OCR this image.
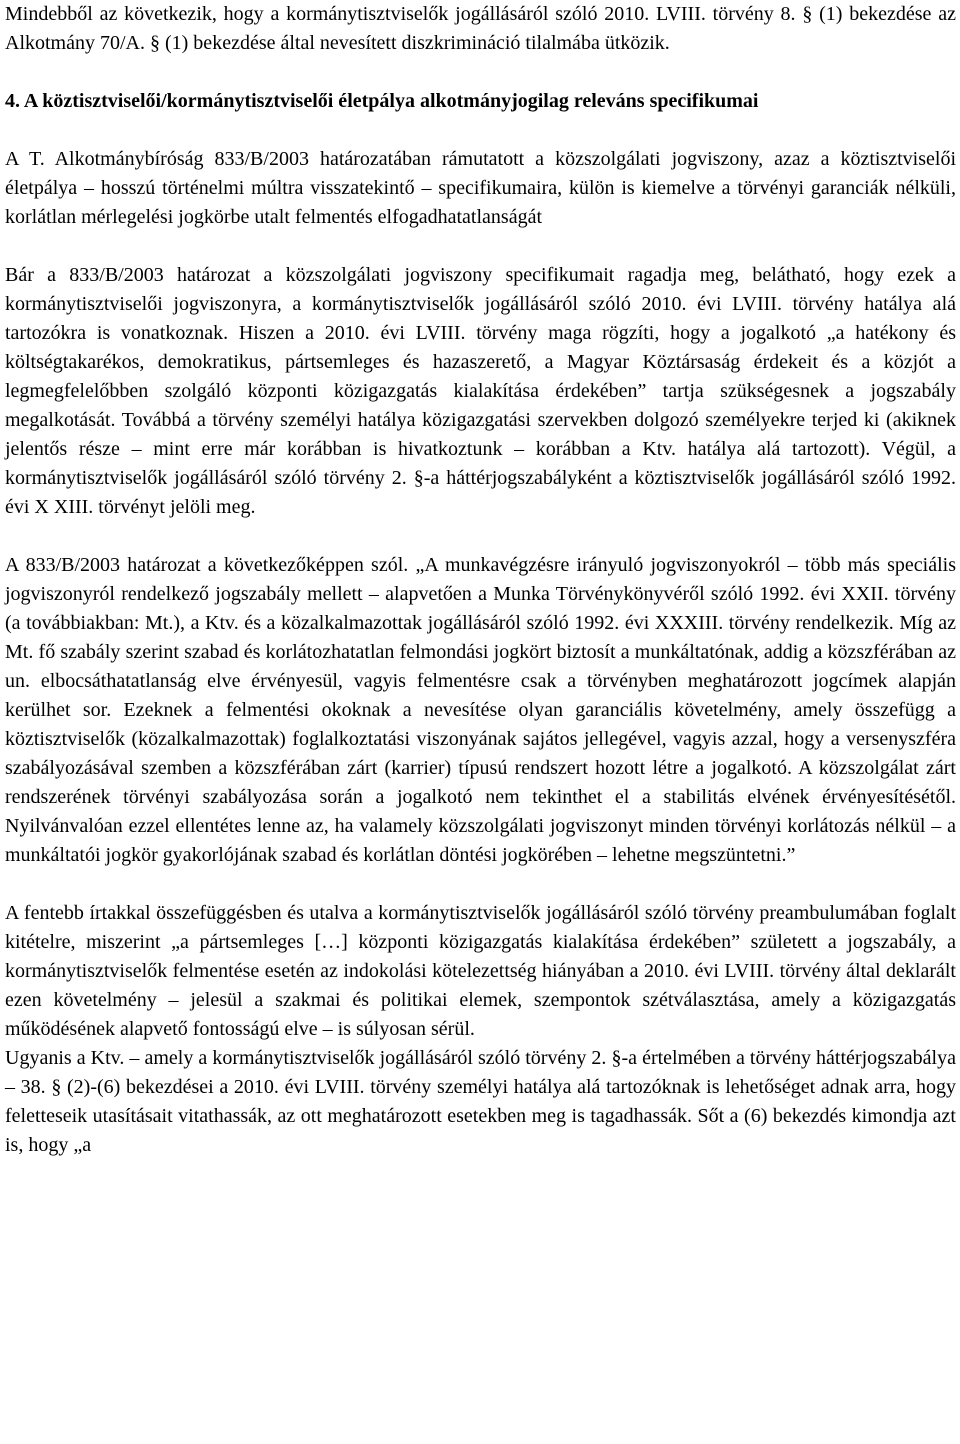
Mindebből az következik, hogy a kormánytisztviselők jogállásáról szóló 2010. LVIII. törvény 8. § (1) bekezdése az Alkotmány 70/A. § (1) bekezdése által nevesített diszkrimináció tilalmába ütközik.

4. A köztisztviselői/kormánytisztviselői életpálya alkotmányjogilag releváns specifikumai

A T. Alkotmánybíróság 833/B/2003 határozatában rámutatott a közszolgálati jogviszony, azaz a köztisztviselői életpálya – hosszú történelmi múltra visszatekintő – specifikumaira, külön is kiemelve a törvényi garanciák nélküli, korlátlan mérlegelési jogkörbe utalt felmentés elfogadhatatlanságát

Bár a 833/B/2003 határozat a közszolgálati jogviszony specifikumait ragadja meg, belátható, hogy ezek a kormánytisztviselői jogviszonyra, a kormánytisztviselők jogállásáról szóló 2010. évi LVIII. törvény hatálya alá tartozókra is vonatkoznak. Hiszen a 2010. évi LVIII. törvény maga rögzíti, hogy a jogalkotó „a hatékony és költségtakarékos, demokratikus, pártsemleges és hazaszerető, a Magyar Köztársaság érdekeit és a közjót a legmegfelelőbben szolgáló központi közigazgatás kialakítása érdekében” tartja szükségesnek a jogszabály megalkotását. Továbbá a törvény személyi hatálya közigazgatási szervekben dolgozó személyekre terjed ki (akiknek jelentős része – mint erre már korábban is hivatkoztunk – korábban a Ktv. hatálya alá tartozott). Végül, a kormánytisztviselők jogállásáról szóló törvény 2. §-a háttérjogszabályként a köztisztviselők jogállásáról szóló 1992. évi X XIII. törvényt jelöli meg.

A 833/B/2003 határozat a következőképpen szól. „A munkavégzésre irányuló jogviszonyokról – több más speciális jogviszonyról rendelkező jogszabály mellett – alapvetően a Munka Törvénykönyvéről szóló 1992. évi XXII. törvény (a továbbiakban: Mt.), a Ktv. és a közalkalmazottak jogállásáról szóló 1992. évi XXXIII. törvény rendelkezik. Míg az Mt. fő szabály szerint szabad és korlátozhatatlan felmondási jogkört biztosít a munkáltatónak, addig a közszférában az un. elbocsáthatatlanság elve érvényesül, vagyis felmentésre csak a törvényben meghatározott jogcímek alapján kerülhet sor. Ezeknek a felmentési okoknak a nevesítése olyan garanciális követelmény, amely összefügg a köztisztviselők (közalkalmazottak) foglalkoztatási viszonyának sajátos jellegével, vagyis azzal, hogy a versenyszféra szabályozásával szemben a közszférában zárt (karrier) típusú rendszert hozott létre a jogalkotó. A közszolgálat zárt rendszerének törvényi szabályozása során a jogalkotó nem tekinthet el a stabilitás elvének érvényesítésétől. Nyilvánvalóan ezzel ellentétes lenne az, ha valamely közszolgálati jogviszonyt minden törvényi korlátozás nélkül – a munkáltatói jogkör gyakorlójának szabad és korlátlan döntési jogkörében – lehetne megszüntetni.”

A fentebb írtakkal összefüggésben és utalva a kormánytisztviselők jogállásáról szóló törvény preambulumában foglalt kitételre, miszerint „a pártsemleges […] központi közigazgatás kialakítása érdekében” született a jogszabály, a kormánytisztviselők felmentése esetén az indokolási kötelezettség hiányában a 2010. évi LVIII. törvény által deklarált ezen követelmény – jelesül a szakmai és politikai elemek, szempontok szétválasztása, amely a közigazgatás működésének alapvető fontosságú elve – is súlyosan sérül.

Ugyanis a Ktv. – amely a kormánytisztviselők jogállásáról szóló törvény 2. §-a értelmében a törvény háttérjogszabálya – 38. § (2)-(6) bekezdései a 2010. évi LVIII. törvény személyi hatálya alá tartozóknak is lehetőséget adnak arra, hogy feletteseik utasításait vitathassák, az ott meghatározott esetekben meg is tagadhassák. Sőt a (6) bekezdés kimondja azt is, hogy „a
